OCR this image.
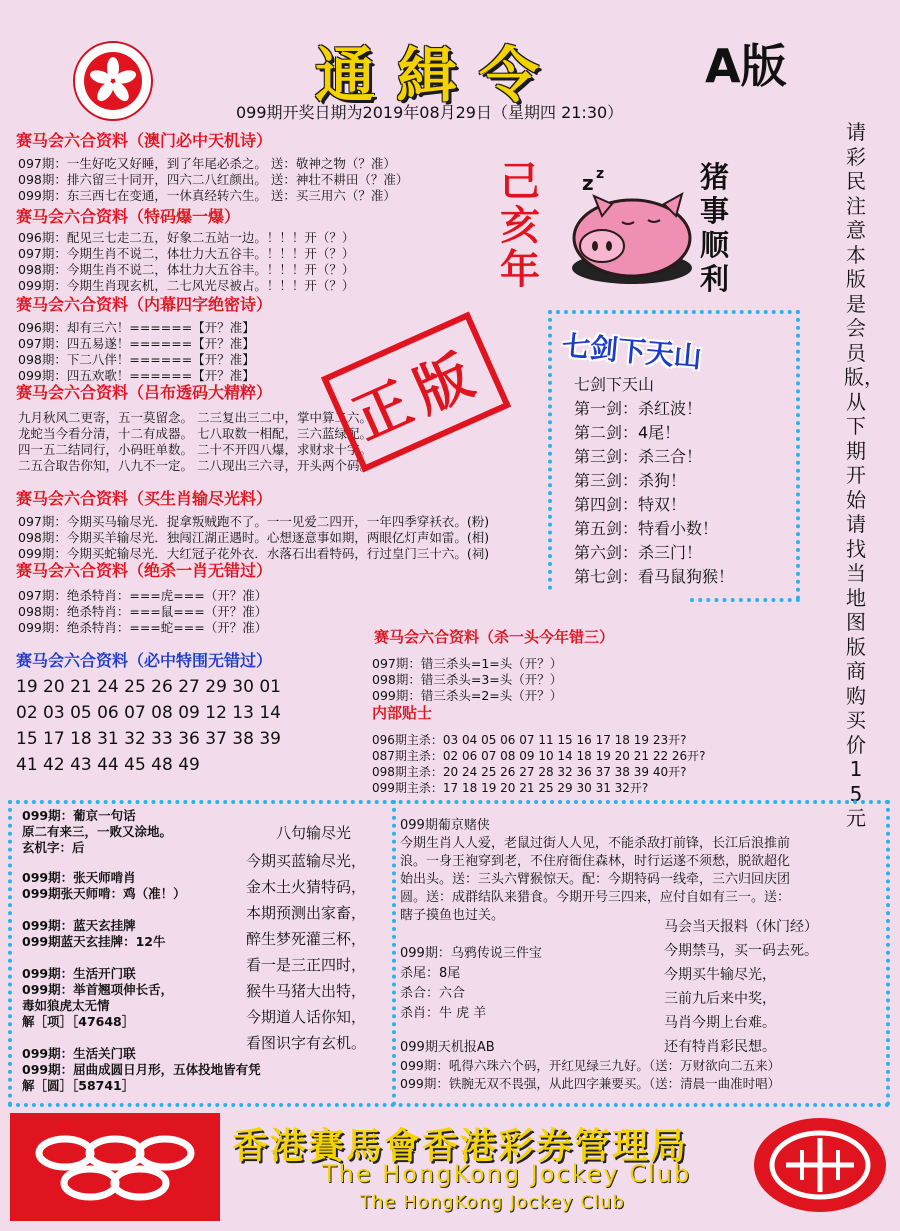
通緝令	A版
099期开奖日期为2019年08月29日（星期四 21:30）
请彩民注意本版是会员版，从下期开始请找当地图版商购买价15元
赛马会六合资料（澳门必中天机诗）
097期：一生好吃又好睡，到了年尾必杀之。 送：敬神之物（？准）
098期：排六留三十同开，四六二八红颜出。 送：神壮不耕田（？准）
099期：东三西七在变通，一休真经转六生。 送：买三用六（？准）
赛马会六合资料（特码爆一爆）
096期：配见三七走二五，好象二五站一边。！！！开（？）
097期：今期生肖不说二，体壮力大五谷丰。！！！开（？）
098期：今期生肖不说二，体壮力大五谷丰。！！！开（？）
099期：今期生肖现玄机，二七风光尽被占。！！！开（？）
赛马会六合资料（内幕四字绝密诗）
096期：却有三六！======【开？准】
097期：四五易遂！======【开？准】
098期：下二八伴！======【开？准】
099期：四五欢歌！======【开？准】
赛马会六合资料（吕布透码大精粹）
九月秋风二更寄，五一莫留念。 二三复出三二中，掌中算二六。
龙蛇当今看分清，十二有成器。 七八取数一相配，三六蓝绿配。
四一五二结同行，小码旺单数。 二十不开四八爆，求财求十字。
二五合取告你知，八九不一定。 二八现出三六寻，开头两个码。
正版
赛马会六合资料（买生肖输尽光料）
097期：今期买马输尽光．捉拿叛贼跑不了。一一见爱二四开，一年四季穿袄衣。(粉)
098期：今期买羊输尽光．独闯江湖正遇时。心想逐意事如期，两眼亿灯声如雷。(相)
099期：今期买蛇输尽光．大红冠子花外衣．水落石出看特码，行过皇门三十六。(祠)
赛马会六合资料（绝杀一肖无错过）
097期：绝杀特肖：===虎===（开？准）
098期：绝杀特肖：===鼠===（开？准）
099期：绝杀特肖：===蛇===（开？准）
赛马会六合资料（必中特围无错过）
19 20 21 24 25 26 27 29 30 01
02 03 05 06 07 08 09 12 13 14
15 17 18 31 32 33 36 37 38 39
41 42 43 44 45 48 49
己亥年
猪事顺利
z z
七剑下天山
七剑下天山
第一剑：杀红波！
第二剑：4尾！
第三剑：杀三合！
第三剑：杀狗！
第四剑：特双！
第五剑：特看小数！
第六剑：杀三门！
第七剑：看马鼠狗猴！
赛马会六合资料（杀一头今年错三）
097期：错三杀头=1=头（开？）
098期：错三杀头=3=头（开？）
099期：错三杀头=2=头（开？）
内部贴士
096期主杀：03 04 05 06 07 11 15 16 17 18 19 23开?
087期主杀：02 06 07 08 09 10 14 18 19 20 21 22 26开?
098期主杀：20 24 25 26 27 28 32 36 37 38 39 40开?
099期主杀：17 18 19 20 21 25 29 30 31 32开?
099期：葡京一句话
原二有来三，一败又涂地。
玄机字：后
099期：张天师啃肖
099期张天师啃：鸡（准！）
099期：蓝天玄挂牌
099期蓝天玄挂牌：12牛
099期：生活开门联
099期：举首翘项伸长舌，
毒如狼虎太无情
解［项］［47648］
099期：生活关门联
099期：屈曲成圆日月形，五体投地皆有凭
解［圆］［58741］
八句输尽光
今期买蓝输尽光，
金木土火猜特码，
本期预测出家畜，
醉生梦死灌三杯，
看一是三正四时，
猴牛马猪大出特，
今期道人话你知，
看图识字有玄机。
099期葡京赌侠
今期生肖人人爱，老鼠过街人人见，不能杀敌打前锋，长江后浪推前
浪。一身王袍穿到老，不住府衙住森林，时行运遂不须愁，脱欲超化
始出头。送：三头六臂猴惊天。配：今期特码一线牵，三六归回庆团
圆。送：成群结队来猎食。今期开号三四来，应付自如有三一。送：
瞎子摸鱼也过关。
099期：乌鸦传说三件宝
杀尾：8尾
杀合：六合
杀肖：牛 虎 羊
马会当天报料（休门经）
今期禁马，买一码去死。
今期买牛输尽光，
三前九后来中奖，
马肖今期上台难。
还有特肖彩民想。
099期天机报AB
099期：吼得六珠六个码，开红见绿三九好。（送：万财欲向二五来）
099期：铁腕无双不畏强，从此四字兼要买。（送：清晨一曲准时唱）
香港賽馬會香港彩券管理局
The HongKong Jockey Club
The HongKong Jockey Club
